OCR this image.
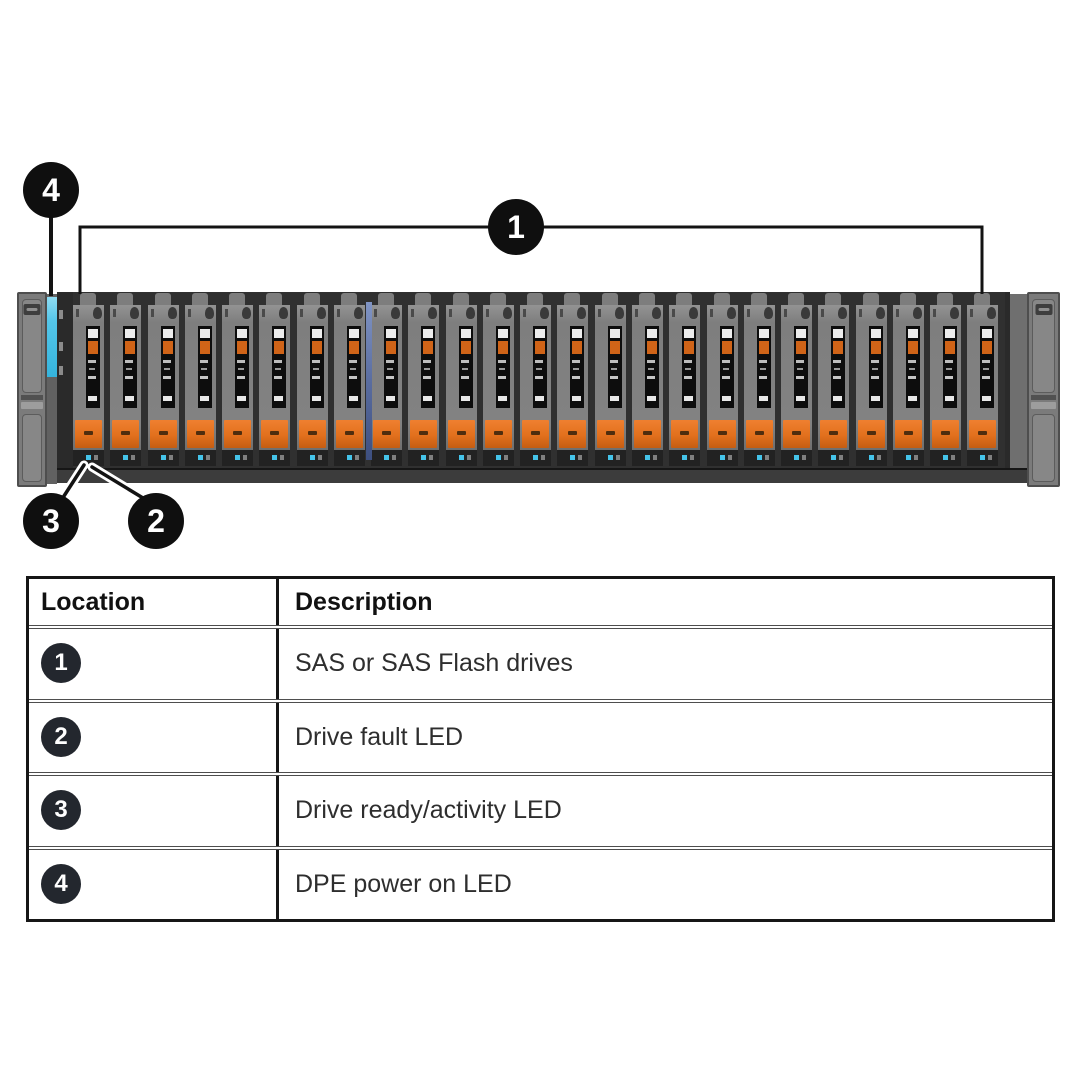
4
1
3	2
Location	Description
1	SAS or SAS Flash drives
2	Drive fault LED
3	Drive ready/activity LED
4	DPE power on LED
